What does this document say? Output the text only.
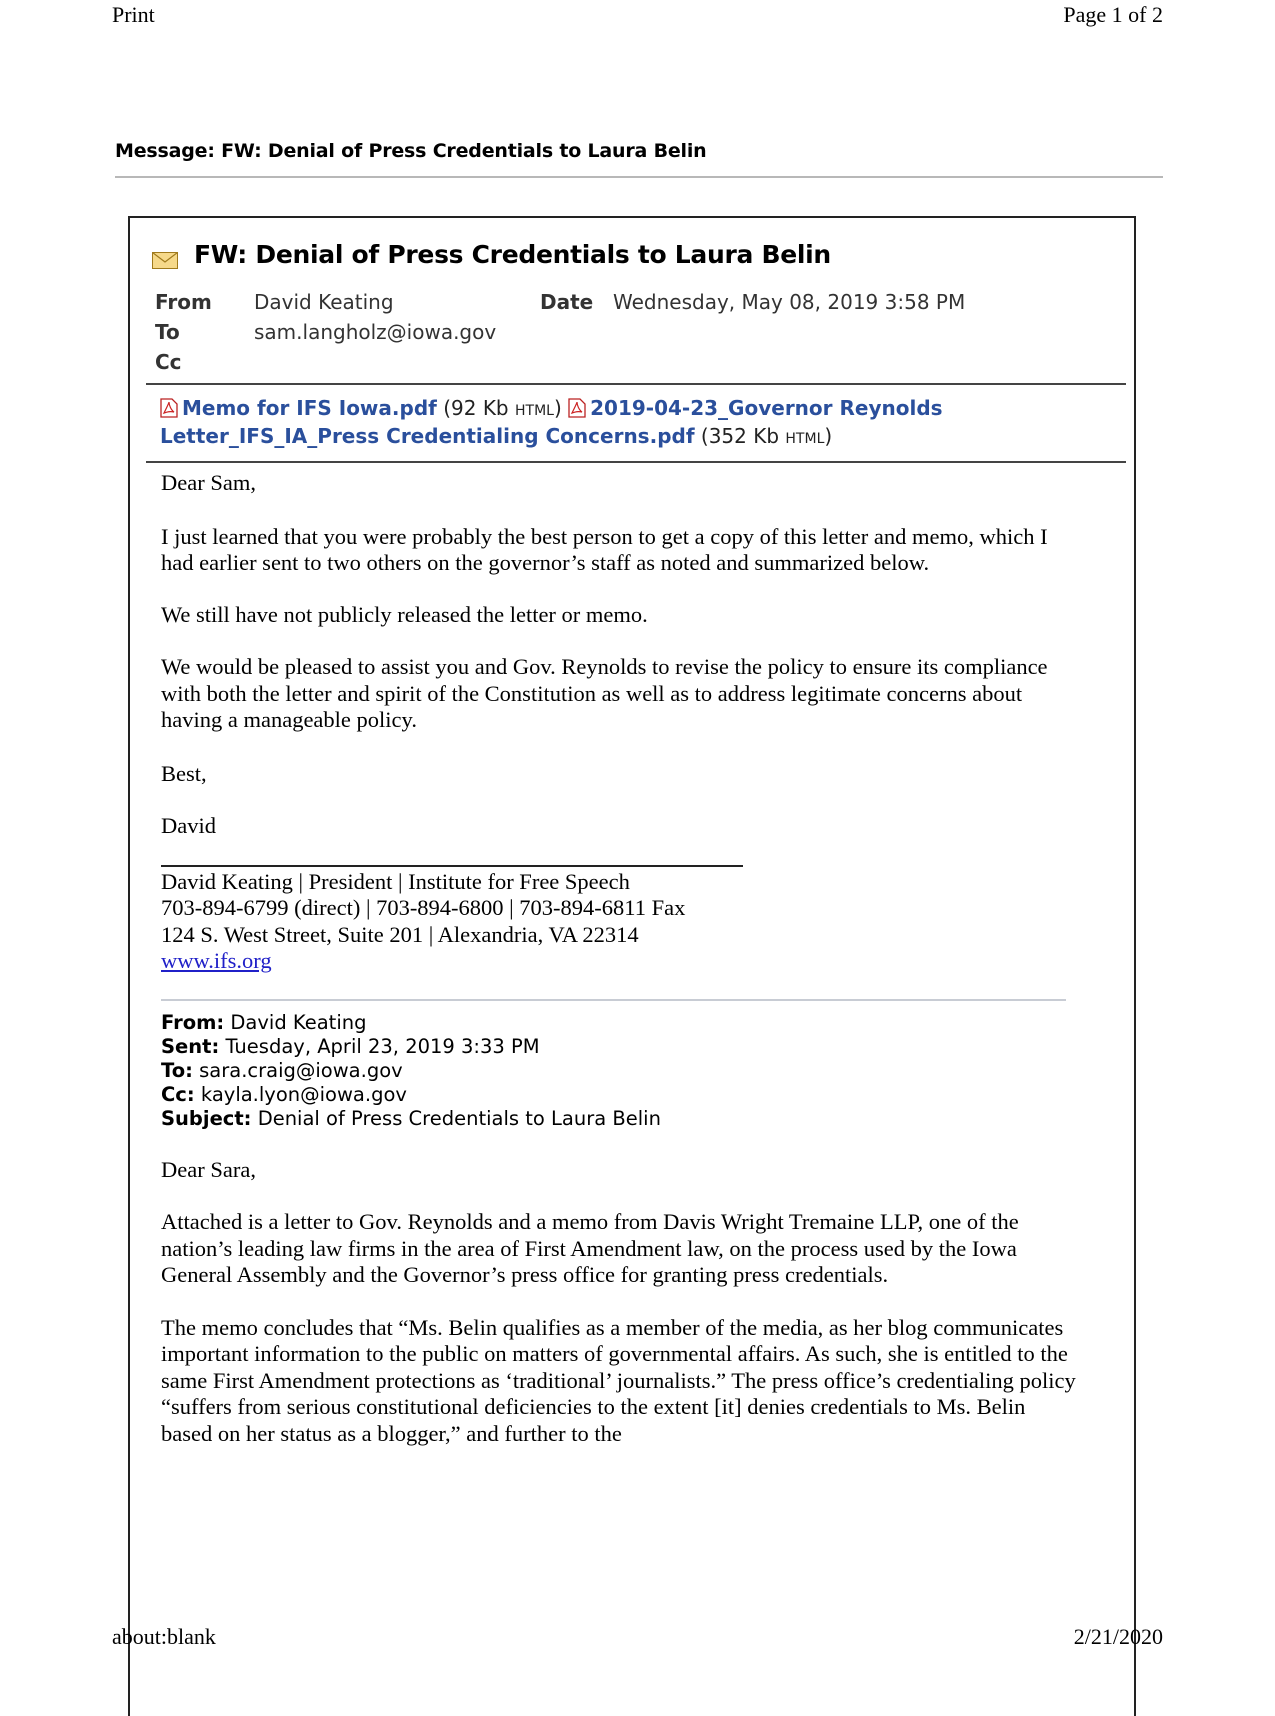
Print	Page 1 of 2
Message: FW: Denial of Press Credentials to Laura Belin
FW: Denial of Press Credentials to Laura Belin
From David Keating	Date Wednesday, May 08, 2019 3:58 PM
To	sam.langholz@iowa.gov
Cc
Memo for IFS Iowa.pdf (92 Kb HTML) 2019-04-23_Governor Reynolds Letter_IFS_IA_Press Credentialing Concerns.pdf (352 Kb HTML)

Dear Sam,

I just learned that you were probably the best person to get a copy of this letter and memo, which I had earlier sent to two others on the governor’s staff as noted and summarized below.

We still have not publicly released the letter or memo.

We would be pleased to assist you and Gov. Reynolds to revise the policy to ensure its compliance with both the letter and spirit of the Constitution as well as to address legitimate concerns about having a manageable policy.

Best,

David

David Keating | President | Institute for Free Speech

703-894-6799 (direct) | 703-894-6800 | 703-894-6811 Fax

124 S. West Street, Suite 201 | Alexandria, VA 22314

www.ifs.org

From: David Keating
Sent: Tuesday, April 23, 2019 3:33 PM
To: sara.craig@iowa.gov
Cc: kayla.lyon@iowa.gov
Subject: Denial of Press Credentials to Laura Belin

Dear Sara,

Attached is a letter to Gov. Reynolds and a memo from Davis Wright Tremaine LLP, one of the nation’s leading law firms in the area of First Amendment law, on the process used by the Iowa General Assembly and the Governor’s press office for granting press credentials.

The memo concludes that “Ms. Belin qualifies as a member of the media, as her blog communicates important information to the public on matters of governmental affairs. As such, she is entitled to the same First Amendment protections as ‘traditional’ journalists.” The press office’s credentialing policy “suffers from serious constitutional deficiencies to the extent [it] denies credentials to Ms. Belin based on her status as a blogger,” and further to the

about:blank	2/21/2020
